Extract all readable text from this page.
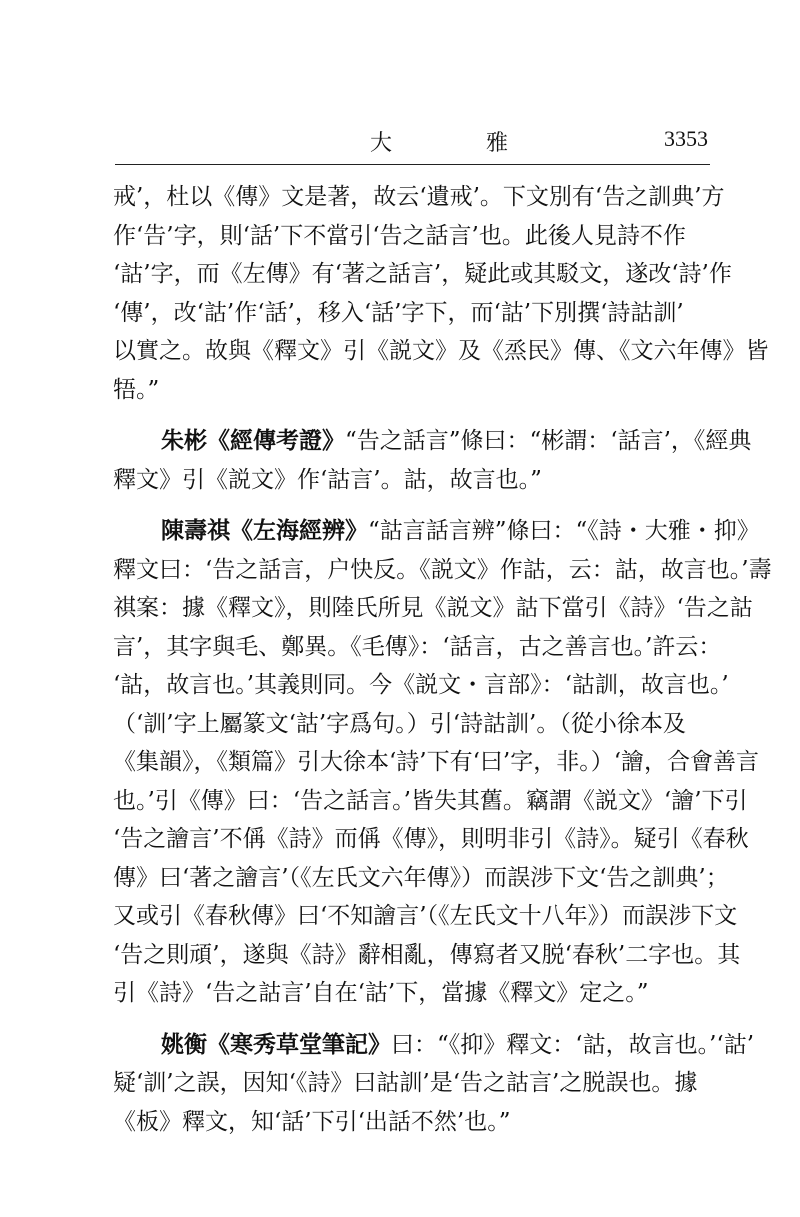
大　雅	3353
戒’，杜以《傳》文是著，故云‘遺戒’。下文別有‘告之訓典’方
作‘告’字，則‘話’下不當引‘告之話言’也。此後人見詩不作
‘詁’字，而《左傳》有‘著之話言’，疑此或其駁文，遂改‘詩’作
‘傳’，改‘詁’作‘話’，移入‘話’字下，而‘詁’下別撰‘詩詁訓’
以實之。故與《釋文》引《説文》及《烝民》傳、《文六年傳》皆
牾。”
朱彬《經傳考證》“告之話言”條曰：“彬謂：‘話言’，《經典
釋文》引《説文》作‘詁言’。詁，故言也。”
陳壽祺《左海經辨》“詁言話言辨”條曰：“《詩・大雅・抑》
釋文曰：‘告之話言，户快反。《説文》作詁，云：詁，故言也。’壽
祺案：據《釋文》，則陸氏所見《説文》詁下當引《詩》‘告之詁
言’，其字與毛、鄭異。《毛傳》：‘話言，古之善言也。’許云：
‘詁，故言也。’其義則同。今《説文・言部》：‘詁訓，故言也。’
（‘訓’字上屬篆文‘詁’字爲句。）引‘詩詁訓’。（從小徐本及
《集韻》，《類篇》引大徐本‘詩’下有‘曰’字，非。）‘譮，合會善言
也。’引《傳》曰：‘告之話言。’皆失其舊。竊謂《説文》‘譮’下引
‘告之譮言’不偁《詩》而偁《傳》，則明非引《詩》。疑引《春秋
傳》曰‘著之譮言’（《左氏文六年傳》）而誤涉下文‘告之訓典’；
又或引《春秋傳》曰‘不知譮言’（《左氏文十八年》）而誤涉下文
‘告之則頑’，遂與《詩》辭相亂，傳寫者又脱‘春秋’二字也。其
引《詩》‘告之詁言’自在‘詁’下，當據《釋文》定之。”
姚衡《寒秀草堂筆記》曰：“《抑》釋文：‘詁，故言也。’‘詁’
疑‘訓’之誤，因知‘《詩》曰詁訓’是‘告之詁言’之脱誤也。據
《板》釋文，知‘話’下引‘出話不然’也。”
